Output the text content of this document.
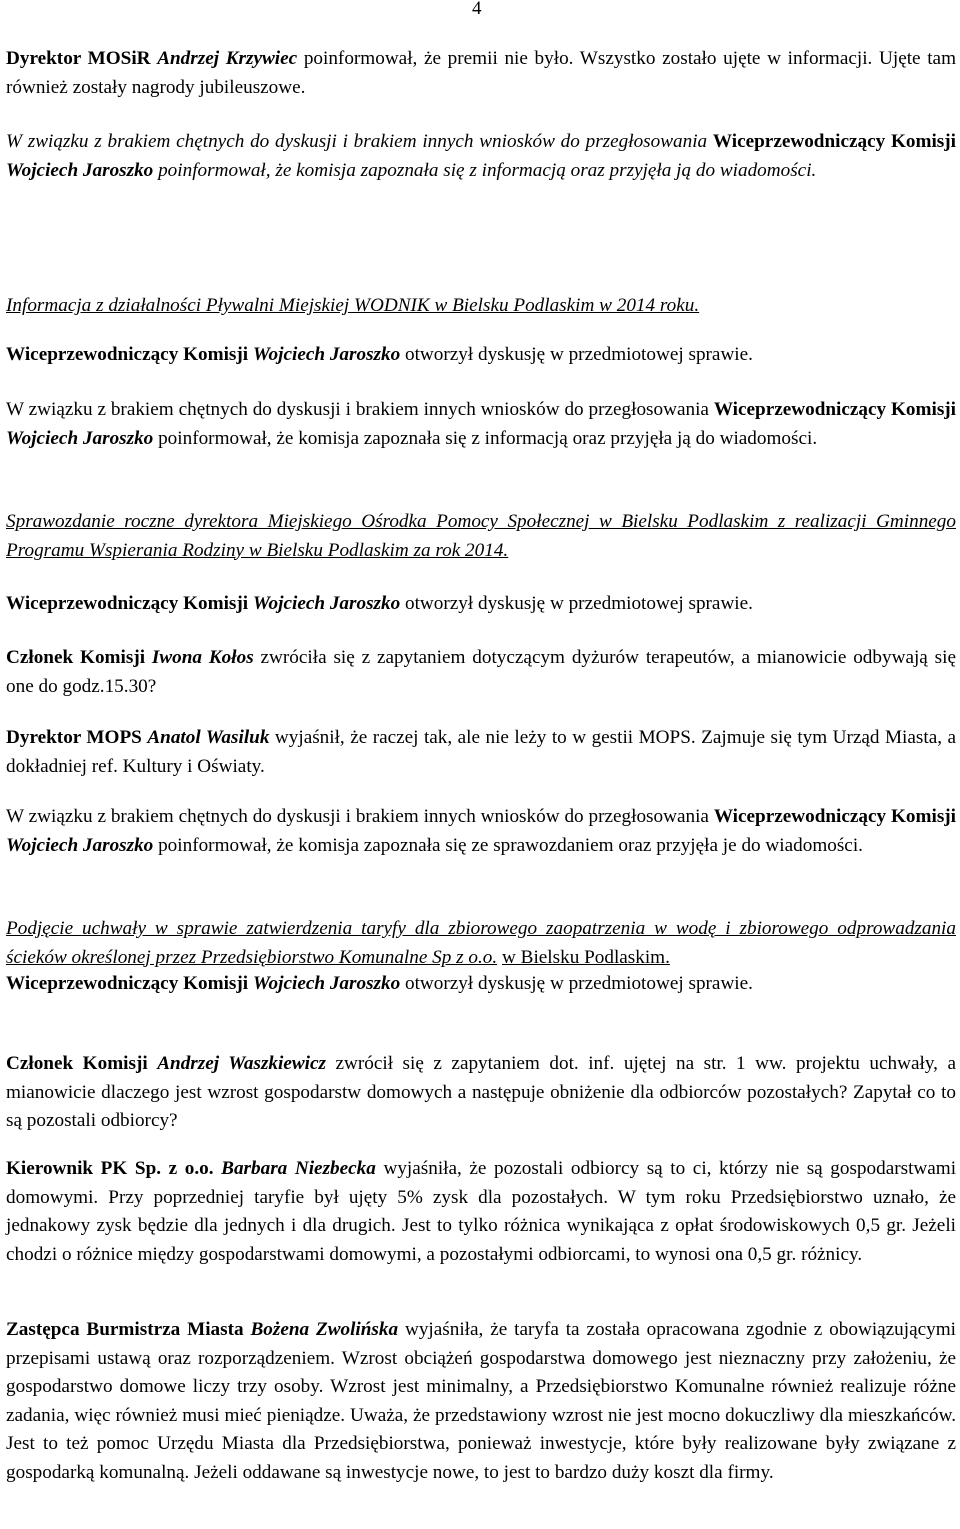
4

Dyrektor MOSiR Andrzej Krzywiec poinformował, że premii nie było. Wszystko zostało ujęte w informacji. Ujęte tam również zostały nagrody jubileuszowe.

W związku z brakiem chętnych do dyskusji i brakiem innych wniosków do przegłosowania Wiceprzewodniczący Komisji Wojciech Jaroszko poinformował, że komisja zapoznała się z informacją oraz przyjęła ją do wiadomości.

Informacja z działalności Pływalni Miejskiej WODNIK w Bielsku Podlaskim w 2014 roku.

Wiceprzewodniczący Komisji Wojciech Jaroszko otworzył dyskusję w przedmiotowej sprawie.

W związku z brakiem chętnych do dyskusji i brakiem innych wniosków do przegłosowania Wiceprzewodniczący Komisji Wojciech Jaroszko poinformował, że komisja zapoznała się z informacją oraz przyjęła ją do wiadomości.

Sprawozdanie roczne dyrektora Miejskiego Ośrodka Pomocy Społecznej w Bielsku Podlaskim z realizacji Gminnego Programu Wspierania Rodziny w Bielsku Podlaskim za rok 2014.

Wiceprzewodniczący Komisji Wojciech Jaroszko otworzył dyskusję w przedmiotowej sprawie.

Członek Komisji Iwona Kołos zwróciła się z zapytaniem dotyczącym dyżurów terapeutów, a mianowicie odbywają się one do godz.15.30?

Dyrektor MOPS Anatol Wasiluk wyjaśnił, że raczej tak, ale nie leży to w gestii MOPS. Zajmuje się tym Urząd Miasta, a dokładniej ref. Kultury i Oświaty.

W związku z brakiem chętnych do dyskusji i brakiem innych wniosków do przegłosowania Wiceprzewodniczący Komisji Wojciech Jaroszko poinformował, że komisja zapoznała się ze sprawozdaniem oraz przyjęła je do wiadomości.

Podjęcie uchwały w sprawie zatwierdzenia taryfy dla zbiorowego zaopatrzenia w wodę i zbiorowego odprowadzania ścieków określonej przez Przedsiębiorstwo Komunalne Sp z o.o. w Bielsku Podlaskim.

Wiceprzewodniczący Komisji Wojciech Jaroszko otworzył dyskusję w przedmiotowej sprawie.

Członek Komisji Andrzej Waszkiewicz zwrócił się z zapytaniem dot. inf. ujętej na str. 1 ww. projektu uchwały, a mianowicie dlaczego jest wzrost gospodarstw domowych a następuje obniżenie dla odbiorców pozostałych? Zapytał co to są pozostali odbiorcy?

Kierownik PK Sp. z o.o. Barbara Niezbecka wyjaśniła, że pozostali odbiorcy są to ci, którzy nie są gospodarstwami domowymi. Przy poprzedniej taryfie był ujęty 5% zysk dla pozostałych. W tym roku Przedsiębiorstwo uznało, że jednakowy zysk będzie dla jednych i dla drugich. Jest to tylko różnica wynikająca z opłat środowiskowych 0,5 gr. Jeżeli chodzi o różnice między gospodarstwami domowymi, a pozostałymi odbiorcami, to wynosi ona 0,5 gr. różnicy.

Zastępca Burmistrza Miasta Bożena Zwolińska wyjaśniła, że taryfa ta została opracowana zgodnie z obowiązującymi przepisami ustawą oraz rozporządzeniem. Wzrost obciążeń gospodarstwa domowego jest nieznaczny przy założeniu, że gospodarstwo domowe liczy trzy osoby. Wzrost jest minimalny, a Przedsiębiorstwo Komunalne również realizuje różne zadania, więc również musi mieć pieniądze. Uważa, że przedstawiony wzrost nie jest mocno dokuczliwy dla mieszkańców. Jest to też pomoc Urzędu Miasta dla Przedsiębiorstwa, ponieważ inwestycje, które były realizowane były związane z gospodarką komunalną. Jeżeli oddawane są inwestycje nowe, to jest to bardzo duży koszt dla firmy.
